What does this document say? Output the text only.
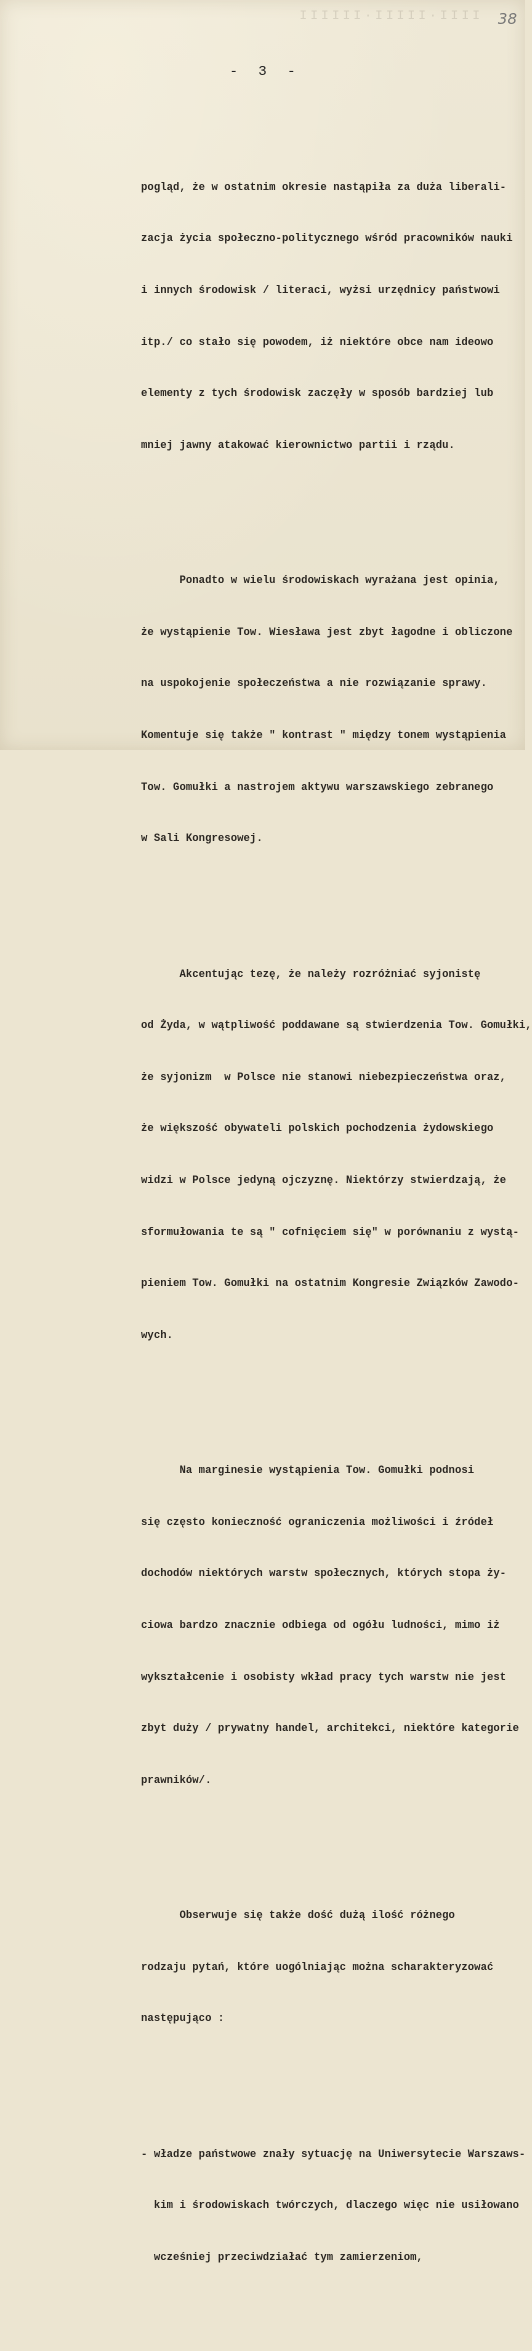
IIII·IIIII·IIIIII 38
- 3 -

pogląd, że w ostatnim okresie nastąpiła za duża liberali-

zacja życia społeczno-politycznego wśród pracowników nauki

i innych środowisk / literaci, wyżsi urzędnicy państwowi

itp./ co stało się powodem, iż niektóre obce nam ideowo

elementy z tych środowisk zaczęły w sposób bardziej lub

mniej jawny atakować kierownictwo partii i rządu.

Ponadto w wielu środowiskach wyrażana jest opinia,

że wystąpienie Tow. Wiesława jest zbyt łagodne i obliczone

na uspokojenie społeczeństwa a nie rozwiązanie sprawy.

Komentuje się także " kontrast " między tonem wystąpienia

Tow. Gomułki a nastrojem aktywu warszawskiego zebranego

w Sali Kongresowej.

Akcentując tezę, że należy rozróżniać syjonistę

od Żyda, w wątpliwość poddawane są stwierdzenia Tow. Gomułki,

że syjonizm  w Polsce nie stanowi niebezpieczeństwa oraz,

że większość obywateli polskich pochodzenia żydowskiego

widzi w Polsce jedyną ojczyznę. Niektórzy stwierdzają, że

sformułowania te są " cofnięciem się" w porównaniu z wystą-

pieniem Tow. Gomułki na ostatnim Kongresie Związków Zawodo-

wych.

Na marginesie wystąpienia Tow. Gomułki podnosi

się często konieczność ograniczenia możliwości i źródeł

dochodów niektórych warstw społecznych, których stopa ży-

ciowa bardzo znacznie odbiega od ogółu ludności, mimo iż

wykształcenie i osobisty wkład pracy tych warstw nie jest

zbyt duży / prywatny handel, architekci, niektóre kategorie

prawników/.

Obserwuje się także dość dużą ilość różnego

rodzaju pytań, które uogólniając można scharakteryzować

następująco :

- władze państwowe znały sytuację na Uniwersytecie Warszaws-

kim i środowiskach twórczych, dlaczego więc nie usiłowano

wcześniej przeciwdziałać tym zamierzeniom,
